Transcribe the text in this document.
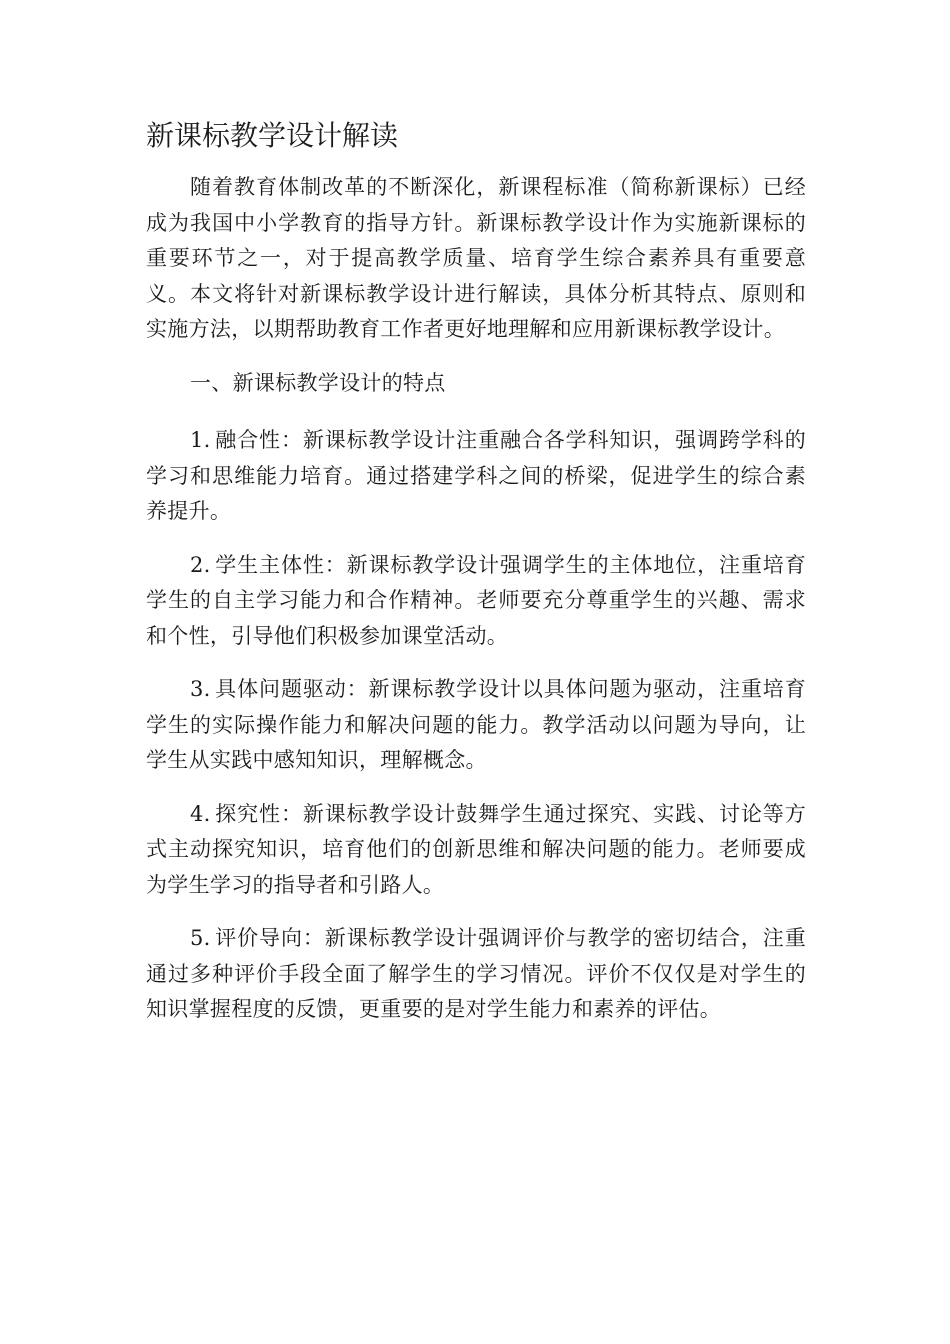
新课标教学设计解读

随着教育体制改革的不断深化，新课程标准（简称新课标）已经成为我国中小学教育的指导方针。新课标教学设计作为实施新课标的重要环节之一，对于提高教学质量、培育学生综合素养具有重要意义。本文将针对新课标教学设计进行解读，具体分析其特点、原则和实施方法，以期帮助教育工作者更好地理解和应用新课标教学设计。

一、新课标教学设计的特点

1. 融合性：新课标教学设计注重融合各学科知识，强调跨学科的学习和思维能力培育。通过搭建学科之间的桥梁，促进学生的综合素养提升。

2. 学生主体性：新课标教学设计强调学生的主体地位，注重培育学生的自主学习能力和合作精神。老师要充分尊重学生的兴趣、需求和个性，引导他们积极参加课堂活动。

3. 具体问题驱动：新课标教学设计以具体问题为驱动，注重培育学生的实际操作能力和解决问题的能力。教学活动以问题为导向，让学生从实践中感知知识，理解概念。

4. 探究性：新课标教学设计鼓舞学生通过探究、实践、讨论等方式主动探究知识，培育他们的创新思维和解决问题的能力。老师要成为学生学习的指导者和引路人。

5. 评价导向：新课标教学设计强调评价与教学的密切结合，注重通过多种评价手段全面了解学生的学习情况。评价不仅仅是对学生的知识掌握程度的反馈，更重要的是对学生能力和素养的评估。
